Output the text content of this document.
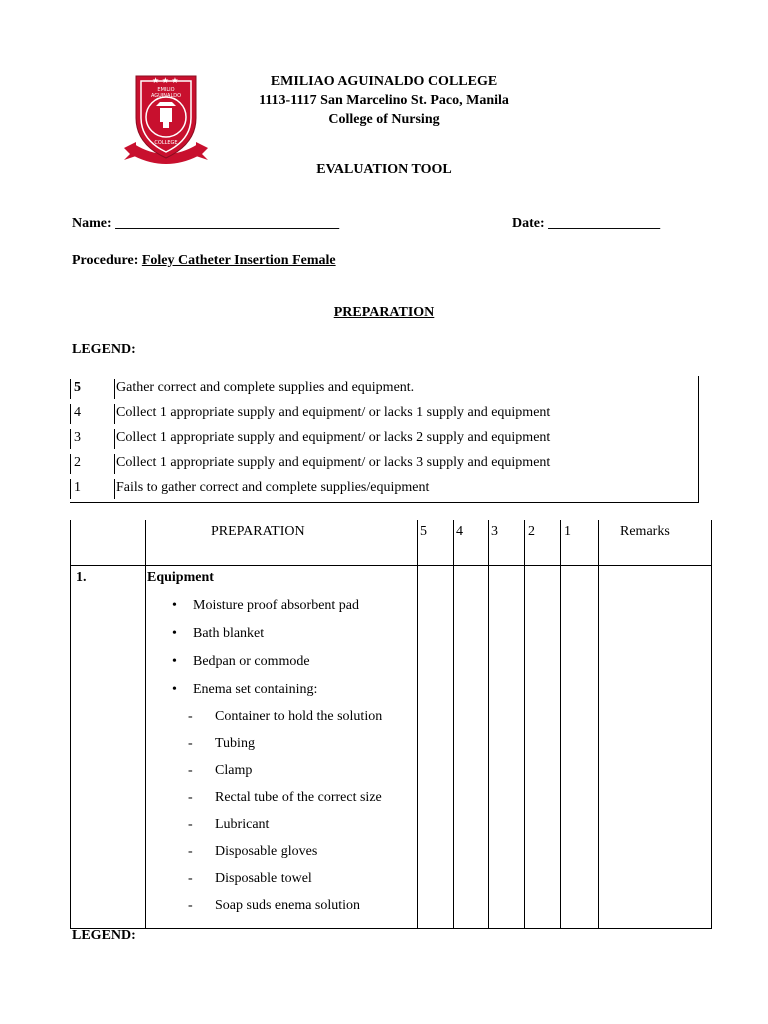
★ ★ ★
EMILIO AGUINALDO
COLLEGE
EMILIAO AGUINALDO COLLEGE
1113-1117 San Marcelino St. Paco, Manila
College of Nursing
EVALUATION TOOL
Name: ________________________________	Date: ________________
Procedure: Foley Catheter Insertion Female
PREPARATION
LEGEND:
5	Gather correct and complete supplies and equipment.
4	Collect 1 appropriate supply and equipment/ or lacks 1 supply and equipment
3	Collect 1 appropriate supply and equipment/ or lacks 2 supply and equipment
2	Collect 1 appropriate supply and equipment/ or lacks 3 supply and equipment
1	Fails to gather correct and complete supplies/equipment
PREPARATION	5 4 3 2 1	Remarks
1.	Equipment
• Moisture proof absorbent pad
• Bath blanket
• Bedpan or commode
• Enema set containing:
- Container to hold the solution
- Tubing
- Clamp
- Rectal tube of the correct size
- Lubricant
- Disposable gloves
- Disposable towel
- Soap suds enema solution
LEGEND:
